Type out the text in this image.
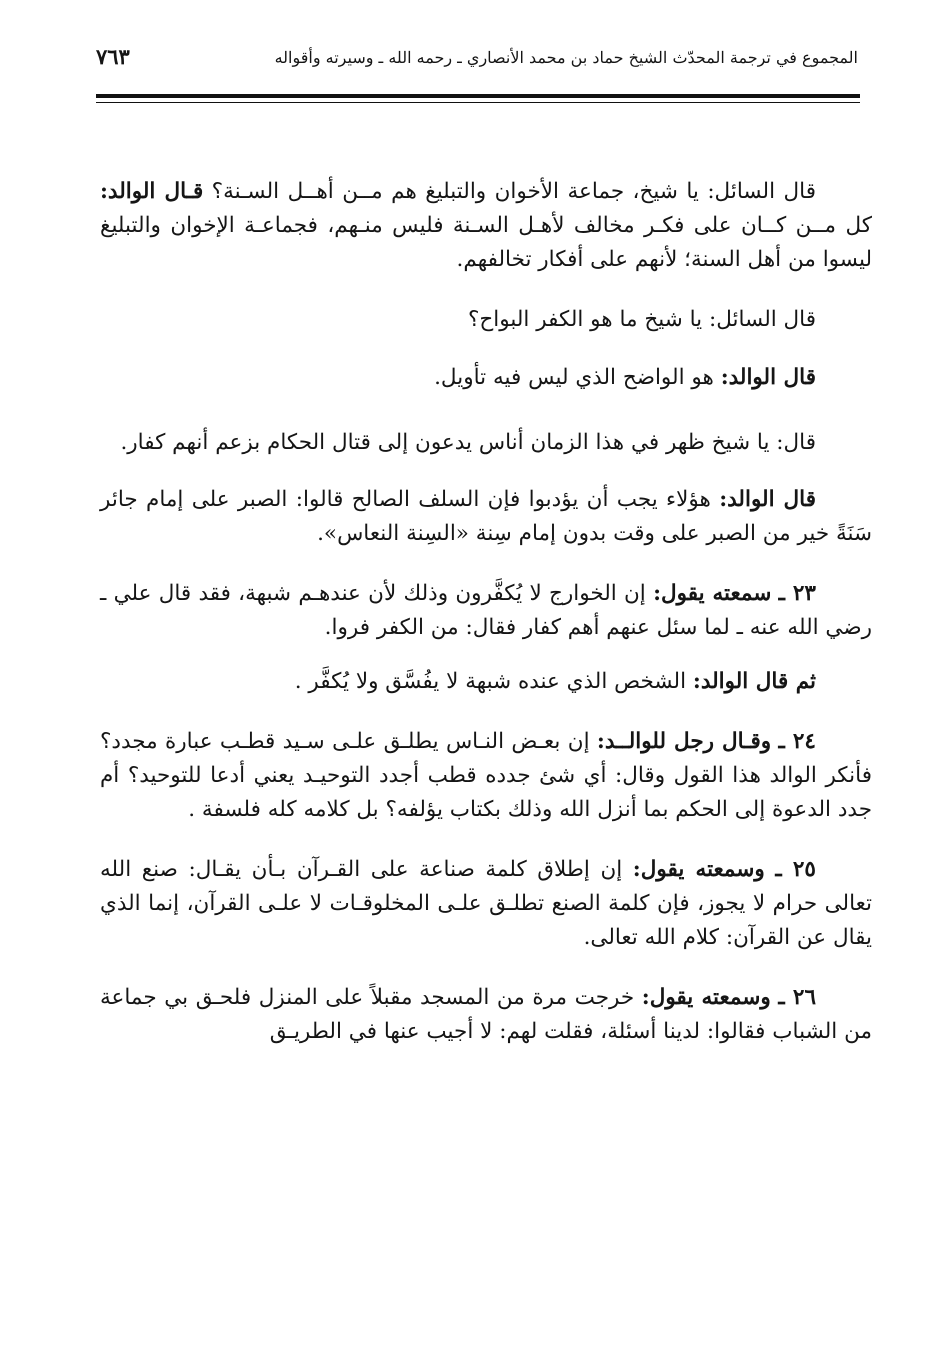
المجموع في ترجمة المحدّث الشيخ حماد بن محمد الأنصاري ـ رحمه الله ـ وسيرته وأقواله
٧٦٣

قال السائل: يا شيخ، جماعة الأخوان والتبليغ هم مــن أهــل السـنة؟ قـال الوالد: كل مــن كــان على فكـر مخالف لأهـل السـنة فليس منـهم، فجماعـة الإخوان والتبليغ ليسوا من أهل السنة؛ لأنهم على أفكار تخالفهم.

قال السائل: يا شيخ ما هو الكفر البواح؟

قال الوالد: هو الواضح الذي ليس فيه تأويل.

قال: يا شيخ ظهر في هذا الزمان أناس يدعون إلى قتال الحكام بزعم أنهم كفار.

قال الوالد: هؤلاء يجب أن يؤدبوا فإن السلف الصالح قالوا: الصبر على إمام جائر سَنَةً خير من الصبر على وقت بدون إمام سِنة «السِنة النعاس».

٢٣ ـ سمعته يقول: إن الخوارج لا يُكفَّرون وذلك لأن عندهـم شبهة، فقد قال علي ـ رضي الله عنه ـ لما سئل عنهم أهم كفار فقال: من الكفر فروا.

ثم قال الوالد: الشخص الذي عنده شبهة لا يفُسَّق ولا يُكفَّر .

٢٤ ـ وقـال رجل للوالــد: إن بعـض النـاس يطلـق علـى سـيد قطـب عبارة مجدد؟ فأنكر الوالد هذا القول وقال: أي شئ جدده قطب أجدد التوحيـد يعني أدعا للتوحيد؟ أم جدد الدعوة إلى الحكم بما أنزل الله وذلك بكتاب يؤلفه؟ بل كلامه كله فلسفة .

٢٥ ـ وسمعته يقول: إن إطلاق كلمة صناعة على القـرآن بـأن يقـال: صنع الله تعالى حرام لا يجوز، فإن كلمة الصنع تطلـق علـى المخلوقـات لا علـى القرآن، إنما الذي يقال عن القرآن: كلام الله تعالى.

٢٦ ـ وسمعته يقول: خرجت مرة من المسجد مقبلاً على المنزل فلحـق بي جماعة من الشباب فقالوا: لدينا أسئلة، فقلت لهم: لا أجيب عنها في الطريـق
